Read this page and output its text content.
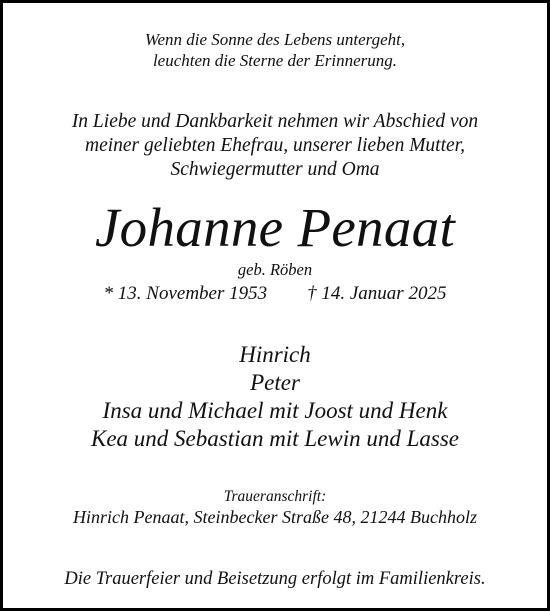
Wenn die Sonne des Lebens untergeht,
leuchten die Sterne der Erinnerung.
In Liebe und Dankbarkeit nehmen wir Abschied von
meiner geliebten Ehefrau, unserer lieben Mutter,
Schwiegermutter und Oma
Johanne Penaat
geb. Röben
* 13. November 1953 † 14. Januar 2025
Hinrich
Peter
Insa und Michael mit Joost und Henk
Kea und Sebastian mit Lewin und Lasse
Traueranschrift:
Hinrich Penaat, Steinbecker Straße 48, 21244 Buchholz
Die Trauerfeier und Beisetzung erfolgt im Familienkreis.
